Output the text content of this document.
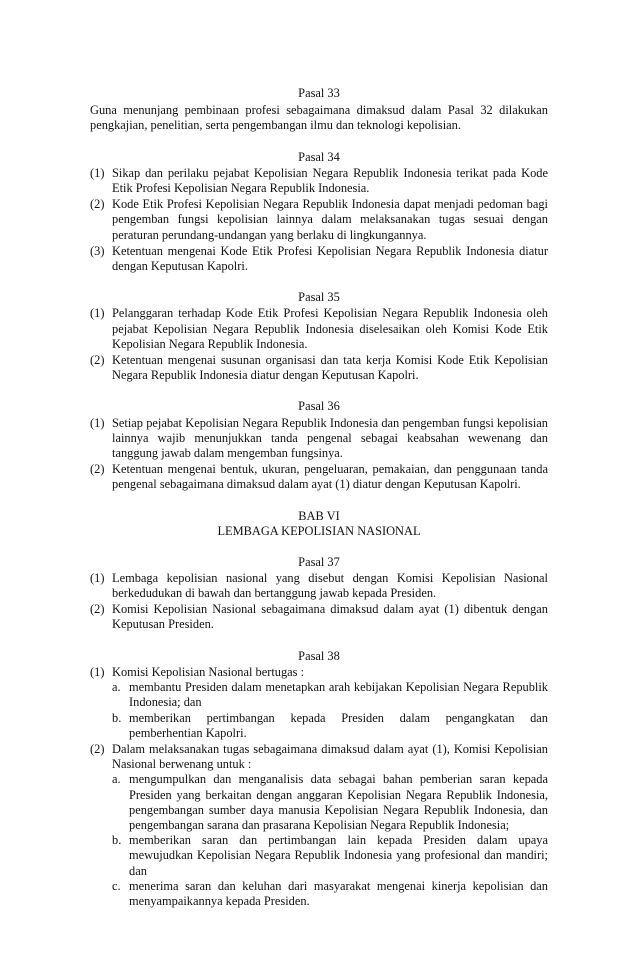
Pasal 33

Guna menunjang pembinaan profesi sebagaimana dimaksud dalam Pasal 32 dilakukan pengkajian, penelitian, serta pengembangan ilmu dan teknologi kepolisian.

Pasal 34

(1) Sikap dan perilaku pejabat Kepolisian Negara Republik Indonesia terikat pada Kode Etik Profesi Kepolisian Negara Republik Indonesia.
(2) Kode Etik Profesi Kepolisian Negara Republik Indonesia dapat menjadi pedoman bagi pengemban fungsi kepolisian lainnya dalam melaksanakan tugas sesuai dengan peraturan perundang-undangan yang berlaku di lingkungannya.
(3) Ketentuan mengenai Kode Etik Profesi Kepolisian Negara Republik Indonesia diatur dengan Keputusan Kapolri.

Pasal 35

(1) Pelanggaran terhadap Kode Etik Profesi Kepolisian Negara Republik Indonesia oleh pejabat Kepolisian Negara Republik Indonesia diselesaikan oleh Komisi Kode Etik Kepolisian Negara Republik Indonesia.
(2) Ketentuan mengenai susunan organisasi dan tata kerja Komisi Kode Etik Kepolisian Negara Republik Indonesia diatur dengan Keputusan Kapolri.

Pasal 36

(1) Setiap pejabat Kepolisian Negara Republik Indonesia dan pengemban fungsi kepolisian lainnya wajib menunjukkan tanda pengenal sebagai keabsahan wewenang dan tanggung jawab dalam mengemban fungsinya.
(2) Ketentuan mengenai bentuk, ukuran, pengeluaran, pemakaian, dan penggunaan tanda pengenal sebagaimana dimaksud dalam ayat (1) diatur dengan Keputusan Kapolri.

BAB VI

LEMBAGA KEPOLISIAN NASIONAL

Pasal 37

(1) Lembaga kepolisian nasional yang disebut dengan Komisi Kepolisian Nasional berkedudukan di bawah dan bertanggung jawab kepada Presiden.
(2) Komisi Kepolisian Nasional sebagaimana dimaksud dalam ayat (1) dibentuk dengan Keputusan Presiden.

Pasal 38

(1) Komisi Kepolisian Nasional bertugas :
a. membantu Presiden dalam menetapkan arah kebijakan Kepolisian Negara Republik Indonesia; dan
b. memberikan pertimbangan kepada Presiden dalam pengangkatan dan pemberhentian Kapolri.
(2) Dalam melaksanakan tugas sebagaimana dimaksud dalam ayat (1), Komisi Kepolisian Nasional berwenang untuk :
a. mengumpulkan dan menganalisis data sebagai bahan pemberian saran kepada Presiden yang berkaitan dengan anggaran Kepolisian Negara Republik Indonesia, pengembangan sumber daya manusia Kepolisian Negara Republik Indonesia, dan pengembangan sarana dan prasarana Kepolisian Negara Republik Indonesia;
b. memberikan saran dan pertimbangan lain kepada Presiden dalam upaya mewujudkan Kepolisian Negara Republik Indonesia yang profesional dan mandiri; dan
c. menerima saran dan keluhan dari masyarakat mengenai kinerja kepolisian dan menyampaikannya kepada Presiden.
